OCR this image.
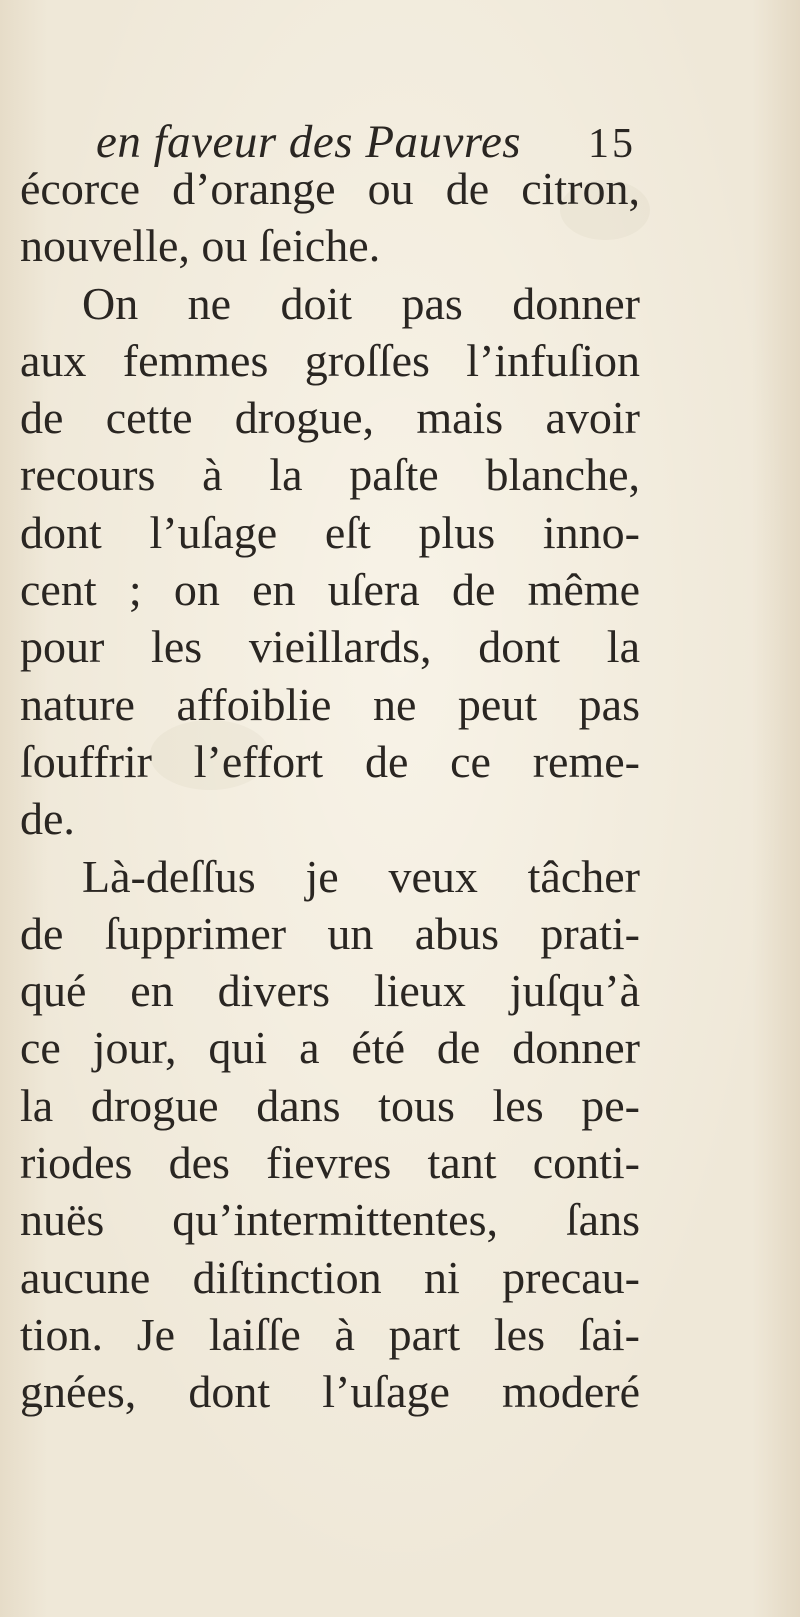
en faveur des Pauvres 15
écorce d’orange ou de citron,
nouvelle, ou ſeiche.
On ne doit pas donner
aux femmes groſſes l’infuſion
de cette drogue, mais avoir
recours à la paſte blanche,
dont l’uſage eſt plus inno-
cent ; on en uſera de même
pour les vieillards, dont la
nature affoiblie ne peut pas
ſouffrir l’effort de ce reme-
de.
Là-deſſus je veux tâcher
de ſupprimer un abus prati-
qué en divers lieux juſqu’à
ce jour, qui a été de donner
la drogue dans tous les pe-
riodes des fievres tant conti-
nuës qu’intermittentes, ſans
aucune diſtinction ni precau-
tion. Je laiſſe à part les ſai-
gnées, dont l’uſage moderé
